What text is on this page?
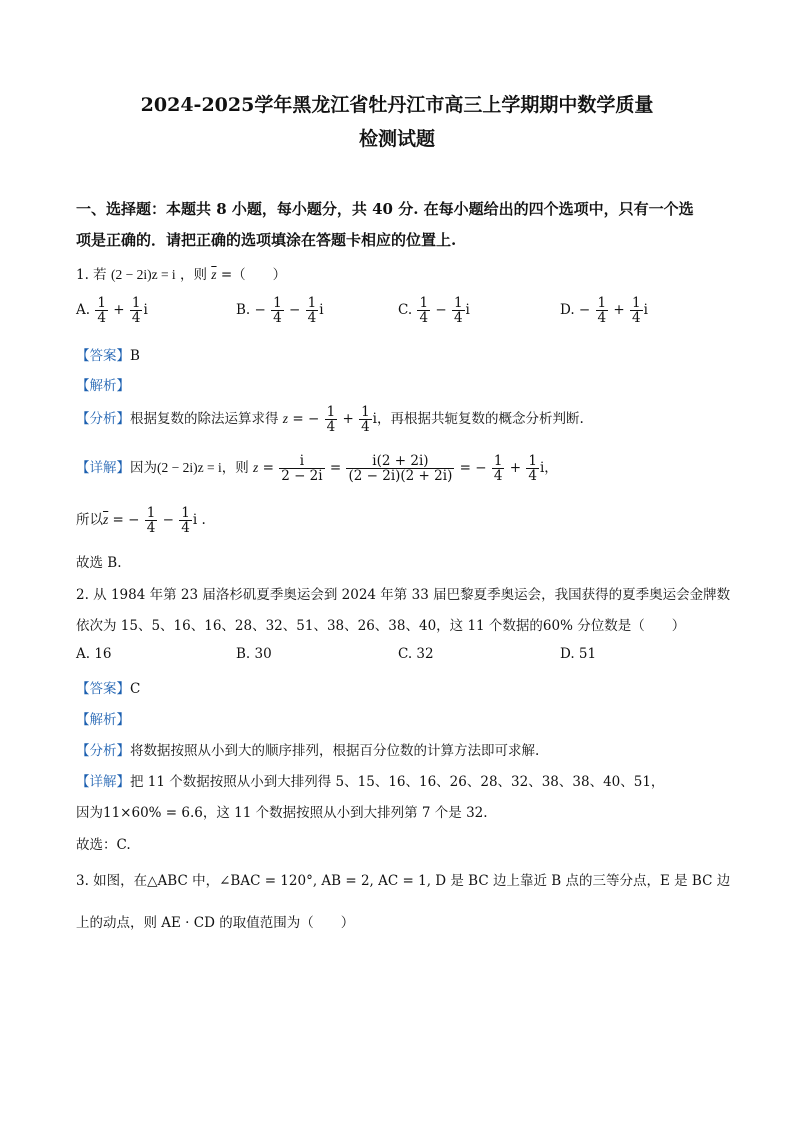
2024-2025学年黑龙江省牡丹江市高三上学期期中数学质量
检测试题
一、选择题：本题共 8 小题，每小题分，共 40 分. 在每小题给出的四个选项中，只有一个选
项是正确的．请把正确的选项填涂在答题卡相应的位置上.
1. 若 (2 − 2i)z = i ，则 $\overline{z}$ =（　　）
A. $\frac{1}{4} + \frac{1}{4}$ i	B. − $\frac{1}{4} - \frac{1}{4}$ i	C. $\frac{1}{4} - \frac{1}{4}$ i	D. − $\frac{1}{4} + \frac{1}{4}$ i
【答案】B
【解析】
【分析】根据复数的除法运算求得 z = − $\frac{1}{4} + \frac{1}{4}$ i，再根据共轭复数的概念分析判断.
【详解】因为(2 − 2i)z = i，则 $z = \frac{i}{2 - 2i} = \frac{i(2 + 2i)}{(2 - 2i)(2 + 2i)}$ = − $\frac{1}{4} + \frac{1}{4}$ i，
所以$\overline{z}$ = − $\frac{1}{4} - \frac{1}{4}$ i .
故选 B.
2. 从 1984 年第 23 届洛杉矶夏季奥运会到 2024 年第 33 届巴黎夏季奥运会，我国获得的夏季奥运会金牌数
依次为 15、5、16、16、28、32、51、38、26、38、40，这 11 个数据的60% 分位数是（　　）
A. 16	B. 30	C. 32	D. 51
【答案】C
【解析】
【分析】将数据按照从小到大的顺序排列，根据百分位数的计算方法即可求解.
【详解】把 11 个数据按照从小到大排列得 5、15、16、16、26、28、32、38、38、40、51，
因为11×60% = 6.6，这 11 个数据按照从小到大排列第 7 个是 32.
故选：C.
3. 如图，在△ABC 中，∠BAC = 120°, AB = 2, AC = 1, D 是 BC 边上靠近 B 点的三等分点，E 是 BC 边
上的动点，则 AE · CD 的取值范围为（　　）
